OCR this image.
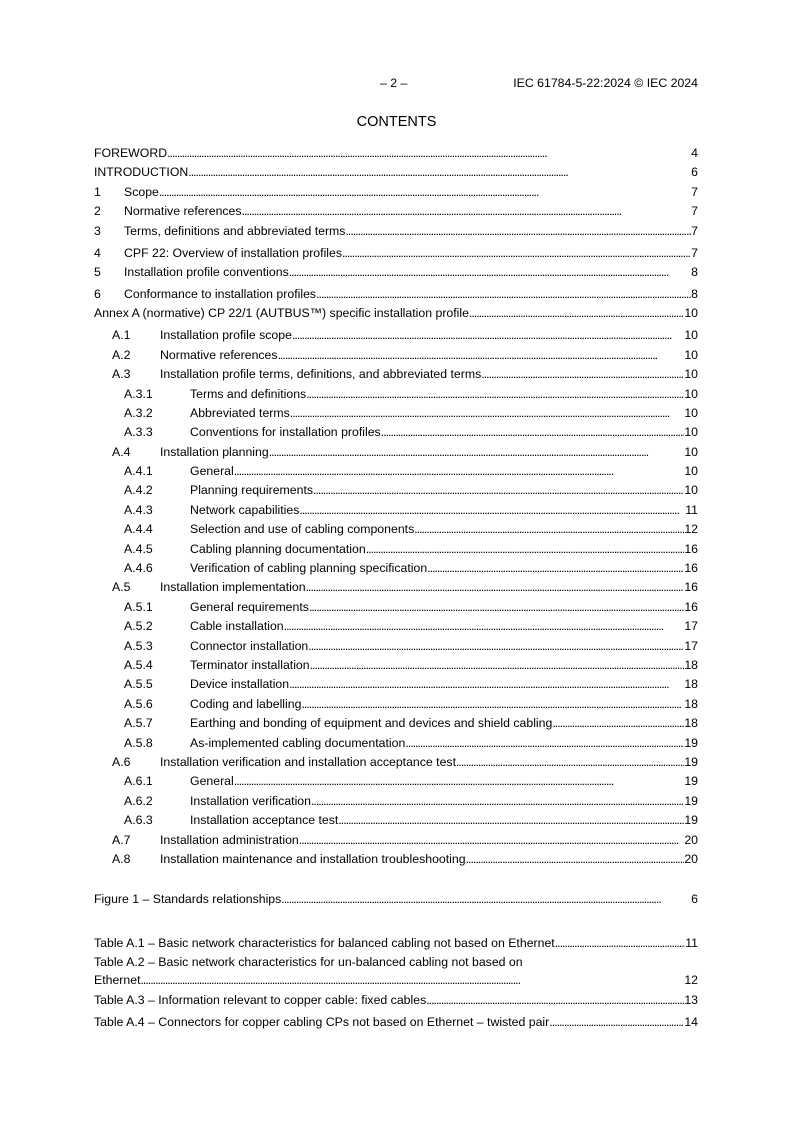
– 2 –	IEC 61784-5-22:2024 © IEC 2024
CONTENTS
FOREWORD . . .	4
INTRODUCTION . . .	6
1	Scope . . .	7
2	Normative references . . .	7
3	Terms, definitions and abbreviated terms . . .	7
4	CPF 22: Overview of installation profiles . . .	7
5	Installation profile conventions . . .	8
6	Conformance to installation profiles . . .	8
Annex A (normative) CP 22/1 (AUTBUS™) specific installation profile . . .	10
A.1	Installation profile scope . . .	10
A.2	Normative references . . .	10
A.3	Installation profile terms, definitions, and abbreviated terms . . .	10
A.3.1	Terms and definitions . . .	10
A.3.2	Abbreviated terms . . .	10
A.3.3	Conventions for installation profiles . . .	10
A.4	Installation planning . . .	10
A.4.1	General . . .	10
A.4.2	Planning requirements . . .	10
A.4.3	Network capabilities . . .	11
A.4.4	Selection and use of cabling components . . .	12
A.4.5	Cabling planning documentation . . .	16
A.4.6	Verification of cabling planning specification . . .	16
A.5	Installation implementation . . .	16
A.5.1	General requirements . . .	16
A.5.2	Cable installation . . .	17
A.5.3	Connector installation . . .	17
A.5.4	Terminator installation . . .	18
A.5.5	Device installation . . .	18
A.5.6	Coding and labelling . . .	18
A.5.7	Earthing and bonding of equipment and devices and shield cabling . . .	18
A.5.8	As-implemented cabling documentation . . .	19
A.6	Installation verification and installation acceptance test . . .	19
A.6.1	General . . .	19
A.6.2	Installation verification . . .	19
A.6.3	Installation acceptance test . . .	19
A.7	Installation administration . . .	20
A.8	Installation maintenance and installation troubleshooting . . .	20
Figure 1 – Standards relationships . . .	6
Table A.1 – Basic network characteristics for balanced cabling not based on Ethernet . . .	11
Table A.2 – Basic network characteristics for un-balanced cabling not based on
Ethernet . . .	12
Table A.3 – Information relevant to copper cable: fixed cables . . .	13
Table A.4 – Connectors for copper cabling CPs not based on Ethernet – twisted pair . . .	14
